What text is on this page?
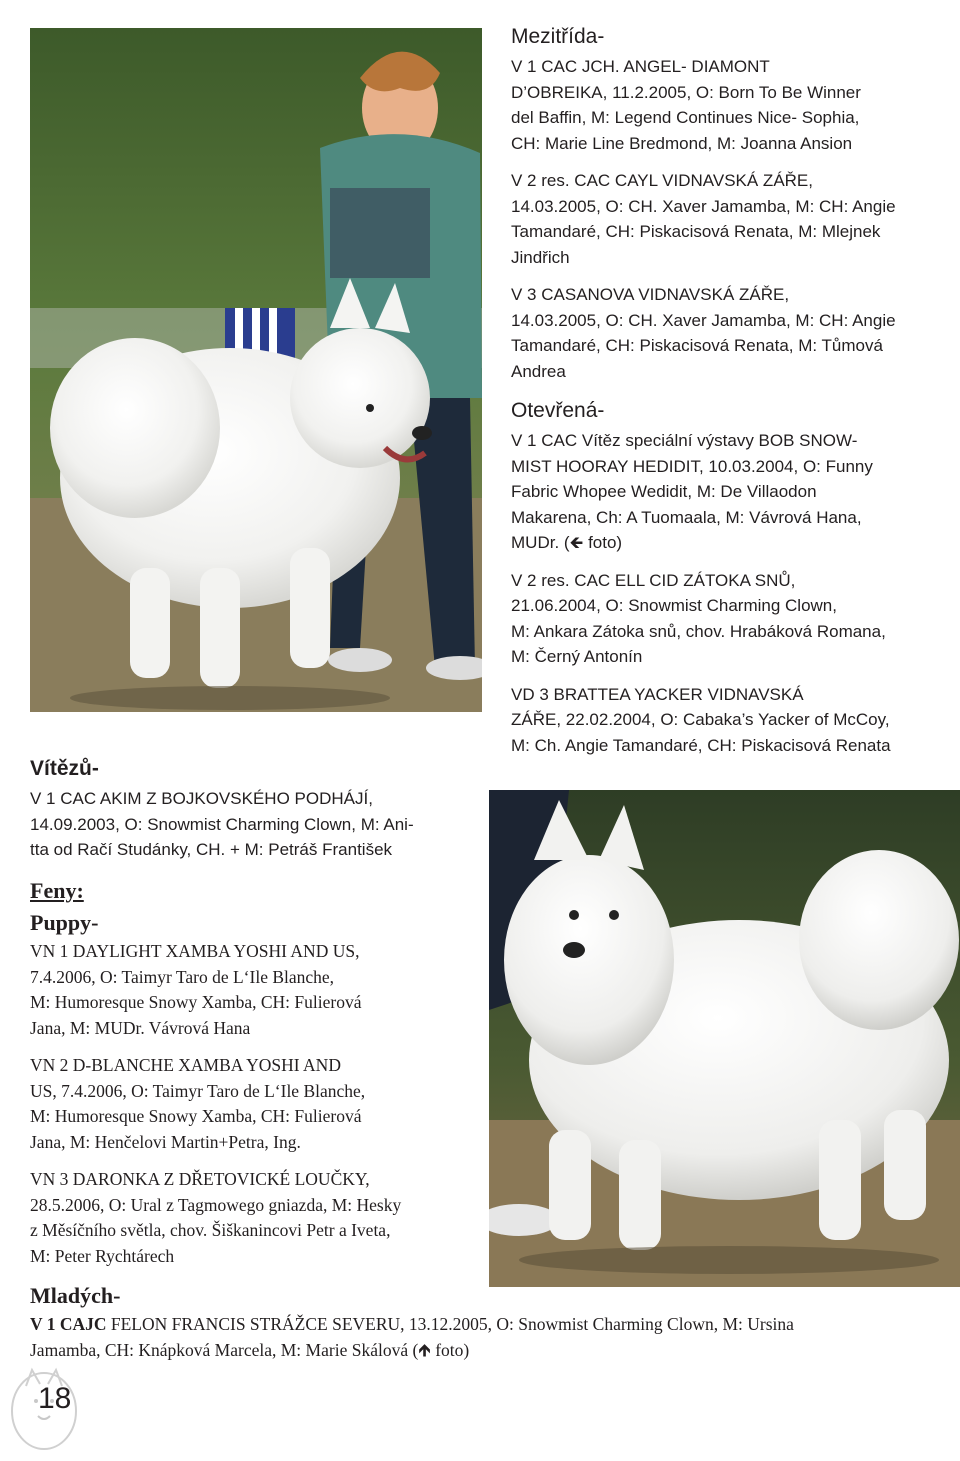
Mezitřída-

V 1 CAC JCH. ANGEL- DIAMONT

D’OBREIKA, 11.2.2005, O: Born To Be Winner

del Baffin, M: Legend Continues Nice- Sophia,

CH: Marie Line Bredmond, M: Joanna Ansion

V 2 res. CAC CAYL VIDNAVSKÁ ZÁŘE,

14.03.2005, O: CH. Xaver Jamamba, M: CH: Angie

Tamandaré, CH: Piskacisová Renata, M: Mlejnek

Jindřich

V 3 CASANOVA VIDNAVSKÁ ZÁŘE,

14.03.2005, O: CH. Xaver Jamamba, M: CH: Angie

Tamandaré, CH: Piskacisová Renata, M: Tůmová

Andrea

Otevřená-

V 1 CAC Vítěz speciální výstavy BOB SNOW-

MIST HOORAY HEDIDIT, 10.03.2004, O: Funny

Fabric Whopee Wedidit, M: De Villaodon

Makarena, Ch: A Tuomaala, M: Vávrová Hana,

MUDr. (🡸 foto)

V 2 res. CAC ELL CID ZÁTOKA SNŮ,

21.06.2004, O: Snowmist Charming Clown,

M: Ankara Zátoka snů, chov. Hrabáková Romana,

M: Černý Antonín

VD 3 BRATTEA YACKER VIDNAVSKÁ

ZÁŘE, 22.02.2004, O: Cabaka’s Yacker of McCoy,

M: Ch. Angie Tamandaré, CH: Piskacisová Renata

Vítězů-

V 1 CAC AKIM Z BOJKOVSKÉHO PODHÁJÍ,

14.09.2003, O: Snowmist Charming Clown, M: Ani-

tta od Račí Studánky, CH. + M: Petráš František

Feny:

Puppy-

VN 1 DAYLIGHT XAMBA YOSHI AND US,

7.4.2006, O: Taimyr Taro de L‘Ile Blanche,

M: Humoresque Snowy Xamba, CH: Fulierová

Jana, M: MUDr. Vávrová Hana

VN 2 D-BLANCHE XAMBA YOSHI AND

US, 7.4.2006, O: Taimyr Taro de L‘Ile Blanche,

M: Humoresque Snowy Xamba, CH: Fulierová

Jana, M: Henčelovi Martin+Petra, Ing.

VN 3 DARONKA Z DŘETOVICKÉ LOUČKY,

28.5.2006, O: Ural z Tagmowego gniazda, M: Hesky

z Měsíčního světla, chov. Šiškanincovi Petr a Iveta,

M: Peter Rychtárech

Mladých-

V 1 CAJC FELON FRANCIS STRÁŽCE SEVERU, 13.12.2005, O: Snowmist Charming Clown, M: Ursina

Jamamba, CH: Knápková Marcela, M: Marie Skálová (🡹 foto)

18
